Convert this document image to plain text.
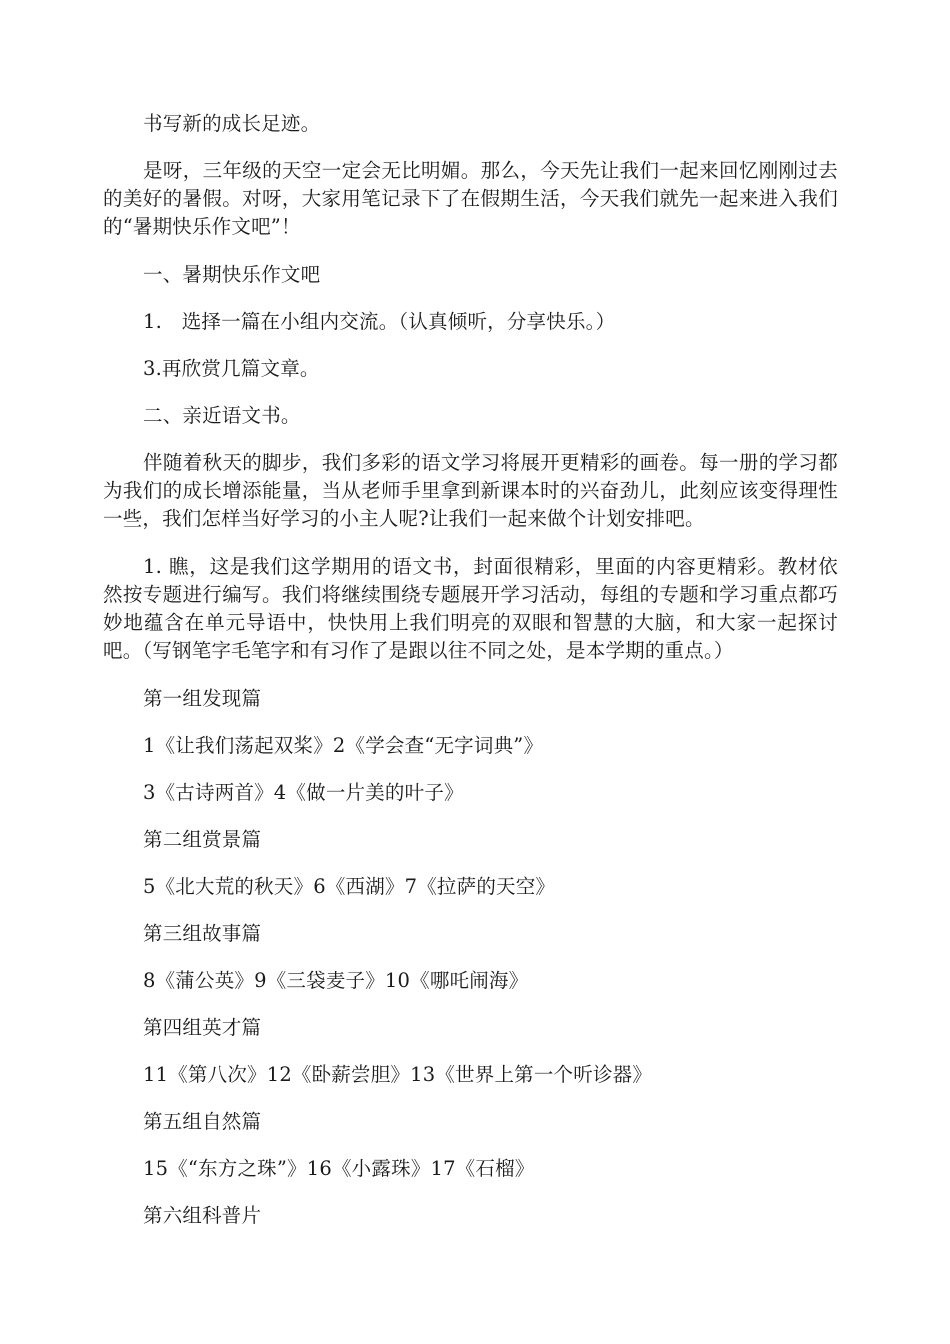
书写新的成长足迹。

是呀，三年级的天空一定会无比明媚。那么，今天先让我们一起来回忆刚刚过去的美好的暑假。对呀，大家用笔记录下了在假期生活，今天我们就先一起来进入我们的“暑期快乐作文吧”！

一、暑期快乐作文吧

1.　选择一篇在小组内交流。（认真倾听，分享快乐。）

3.再欣赏几篇文章。

二、亲近语文书。

伴随着秋天的脚步，我们多彩的语文学习将展开更精彩的画卷。每一册的学习都为我们的成长增添能量，当从老师手里拿到新课本时的兴奋劲儿，此刻应该变得理性一些，我们怎样当好学习的小主人呢?让我们一起来做个计划安排吧。

1. 瞧，这是我们这学期用的语文书，封面很精彩，里面的内容更精彩。教材依然按专题进行编写。我们将继续围绕专题展开学习活动，每组的专题和学习重点都巧妙地蕴含在单元导语中，快快用上我们明亮的双眼和智慧的大脑，和大家一起探讨吧。（写钢笔字毛笔字和有习作了是跟以往不同之处，是本学期的重点。）

第一组发现篇

1《让我们荡起双桨》2《学会查“无字词典”》

3《古诗两首》4《做一片美的叶子》

第二组赏景篇

5《北大荒的秋天》6《西湖》7《拉萨的天空》

第三组故事篇

8《蒲公英》9《三袋麦子》10《哪吒闹海》

第四组英才篇

11《第八次》12《卧薪尝胆》13《世界上第一个听诊器》

第五组自然篇

15《“东方之珠”》16《小露珠》17《石榴》

第六组科普片
